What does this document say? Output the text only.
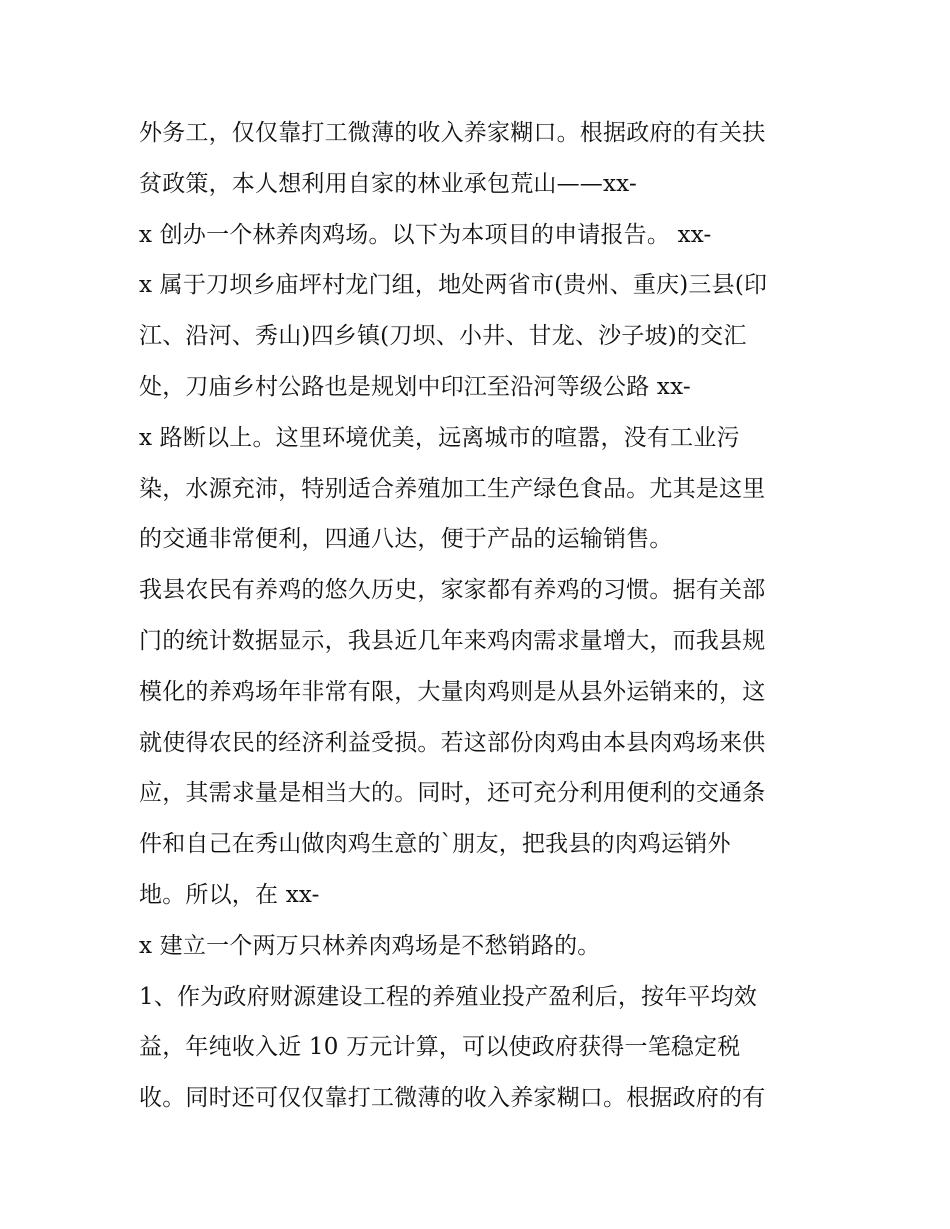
外务工，仅仅靠打工微薄的收入养家糊口。根据政府的有关扶
贫政策，本人想利用自家的林业承包荒山——xx-
x 创办一个林养肉鸡场。以下为本项目的申请报告。 xx-
x 属于刀坝乡庙坪村龙门组，地处两省市(贵州、重庆)三县(印
江、沿河、秀山)四乡镇(刀坝、小井、甘龙、沙子坡)的交汇
处，刀庙乡村公路也是规划中印江至沿河等级公路 xx-
x 路断以上。这里环境优美，远离城市的喧嚣，没有工业污
染，水源充沛，特别适合养殖加工生产绿色食品。尤其是这里
的交通非常便利，四通八达，便于产品的运输销售。
我县农民有养鸡的悠久历史，家家都有养鸡的习惯。据有关部
门的统计数据显示，我县近几年来鸡肉需求量增大，而我县规
模化的养鸡场年非常有限，大量肉鸡则是从县外运销来的，这
就使得农民的经济利益受损。若这部份肉鸡由本县肉鸡场来供
应，其需求量是相当大的。同时，还可充分利用便利的交通条
件和自己在秀山做肉鸡生意的`朋友，把我县的肉鸡运销外
地。所以，在 xx-
x 建立一个两万只林养肉鸡场是不愁销路的。
1、作为政府财源建设工程的养殖业投产盈利后，按年平均效
益，年纯收入近 10 万元计算，可以使政府获得一笔稳定税
收。同时还可仅仅靠打工微薄的收入养家糊口。根据政府的有
